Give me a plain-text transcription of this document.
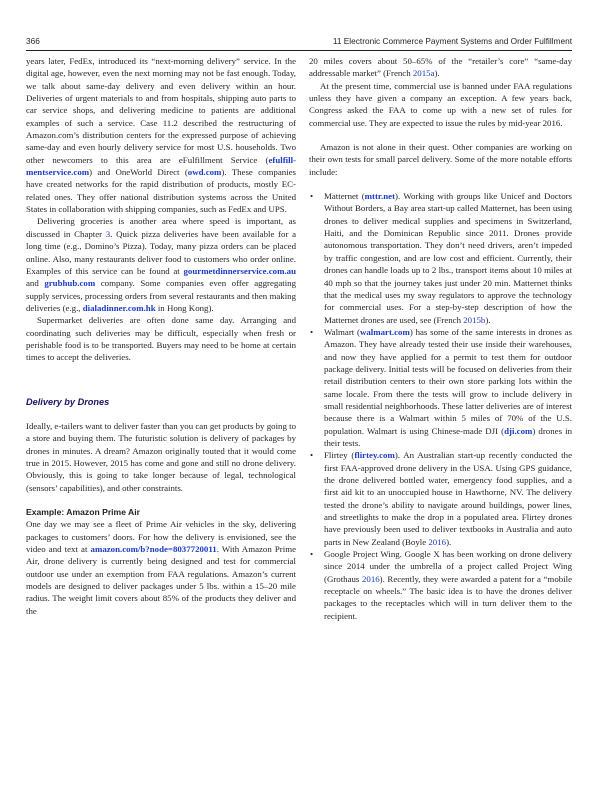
366	11 Electronic Commerce Payment Systems and Order Fulfillment

years later, FedEx, introduced its “next-morning delivery” service. In the digital age, however, even the next morning may not be fast enough. Today, we talk about same-day delivery and even delivery within an hour. Deliveries of urgent materials to and from hospitals, shipping auto parts to car service shops, and delivering medicine to patients are additional examples of such a service. Case 11.2 described the restructuring of Amazon.com’s distribution centers for the expressed purpose of achieving same-day and even hourly delivery service for most U.S. households. Two other newcomers to this area are eFulfillment Service (efulfill-mentservice.com) and OneWorld Direct (owd.com). These companies have created networks for the rapid distribution of products, mostly EC-related ones. They offer national distribution systems across the United States in collaboration with shipping companies, such as FedEx and UPS.

Delivering groceries is another area where speed is important, as discussed in Chapter 3. Quick pizza deliveries have been available for a long time (e.g., Domino’s Pizza). Today, many pizza orders can be placed online. Also, many restaurants deliver food to customers who order online. Examples of this service can be found at gourmetdinnerservice.com.au and grubhub.com company. Some companies even offer aggregating supply services, processing orders from several restaurants and then making deliveries (e.g., dialadinner.com.hk in Hong Kong).

Supermarket deliveries are often done same day. Arranging and coordinating such deliveries may be difficult, especially when fresh or perishable food is to be transported. Buyers may need to be home at certain times to accept the deliveries.

Delivery by Drones

Ideally, e-tailers want to deliver faster than you can get products by going to a store and buying them. The futuristic solution is delivery of packages by drones in minutes. A dream? Amazon originally touted that it would come true in 2015. However, 2015 has come and gone and still no drone delivery. Obviously, this is going to take longer because of legal, technological (sensors’ capabilities), and other constraints.

Example: Amazon Prime Air

One day we may see a fleet of Prime Air vehicles in the sky, delivering packages to customers’ doors. For how the delivery is envisioned, see the video and text at amazon.com/b?node=8037720011. With Amazon Prime Air, drone delivery is currently being designed and test for commercial outdoor use under an exemption from FAA regulations. Amazon’s current models are designed to deliver packages under 5 lbs. within a 15–20 mile radius. The weight limit covers about 85% of the products they deliver and the

20 miles covers about 50–65% of the “retailer’s core” “same-day addressable market” (French 2015a).

At the present time, commercial use is banned under FAA regulations unless they have given a company an exception. A few years back, Congress asked the FAA to come up with a new set of rules for commercial use. They are expected to issue the rules by mid-year 2016.

Amazon is not alone in their quest. Other companies are working on their own tests for small parcel delivery. Some of the more notable efforts include:

• Matternet (mttr.net). Working with groups like Unicef and Doctors Without Borders, a Bay area start-up called Matternet, has been using drones to deliver medical supplies and specimens in Switzerland, Haiti, and the Dominican Republic since 2011. Drones provide autonomous transportation. They don’t need drivers, aren’t impeded by traffic congestion, and are low cost and efficient. Currently, their drones can handle loads up to 2 lbs., transport items about 10 miles at 40 mph so that the journey takes just under 20 min. Matternet thinks that the medical uses my sway regulators to approve the technology for commercial uses. For a step-by-step description of how the Matternet drones are used, see (French 2015b).
• Walmart (walmart.com) has some of the same interests in drones as Amazon. They have already tested their use inside their warehouses, and now they have applied for a permit to test them for outdoor package delivery. Initial tests will be focused on deliveries from their retail distribution centers to their own store parking lots within the same locale. From there the tests will grow to include delivery in small residential neighborhoods. These latter deliveries are of interest because there is a Walmart within 5 miles of 70% of the U.S. population. Walmart is using Chinese-made DJI (dji.com) drones in their tests.
• Flirtey (flirtey.com). An Australian start-up recently conducted the first FAA-approved drone delivery in the USA. Using GPS guidance, the drone delivered bottled water, emergency food supplies, and a first aid kit to an unoccupied house in Hawthorne, NV. The delivery tested the drone’s ability to navigate around buildings, power lines, and streetlights to make the drop in a populated area. Flirtey drones have previously been used to deliver textbooks in Australia and auto parts in New Zealand (Boyle 2016).
• Google Project Wing. Google X has been working on drone delivery since 2014 under the umbrella of a project called Project Wing (Grothaus 2016). Recently, they were awarded a patent for a “mobile receptacle on wheels.” The basic idea is to have the drones deliver packages to the receptacles which will in turn deliver them to the recipient.
